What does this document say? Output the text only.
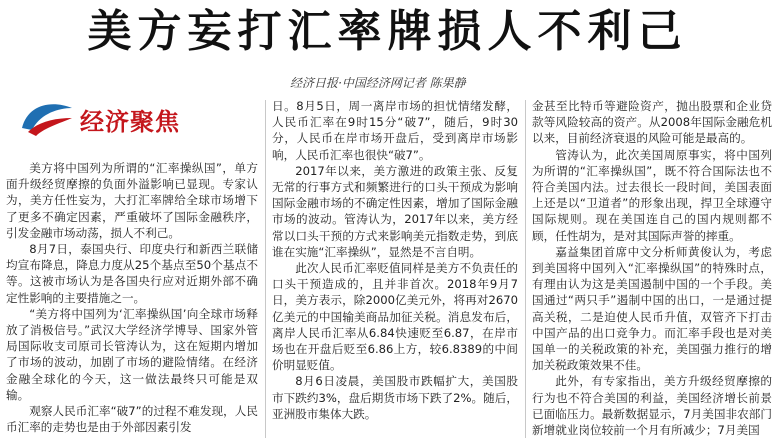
美方妄打汇率牌损人不利己
经济日报·中国经济网记者 陈果静
经济聚焦

美方将中国列为所谓的“汇率操纵国”，单方面升级经贸摩擦的负面外溢影响已显现。专家认为，美方任性妄为，大打汇率牌给全球市场增下了更多不确定因素，严重破坏了国际金融秩序，引发金融市场动荡，损人不利己。

8月7日，泰国央行、印度央行和新西兰联储均宣布降息，降息力度从25个基点至50个基点不等。这被市场认为是各国央行应对近期外部不确定性影响的主要措施之一。

“美方将中国列为‘汇率操纵国’向全球市场释放了消极信号。”武汉大学经济学博导、国家外管局国际收支司原司长管涛认为，这在短期内增加了市场的波动，加剧了市场的避险情绪。在经济金融全球化的今天，这一做法最终只可能是双输。

观察人民币汇率“破7”的过程不难发现，人民币汇率的走势也是由于外部因素引发

日。8月5日，周一离岸市场的担忧情绪发酵，人民币汇率在9时15分“破7”，随后，9时30分，人民币在岸市场开盘后，受到离岸市场影响，人民币汇率也很快“破7”。

2017年以来，美方激进的政策主张、反复无常的行事方式和频繁进行的口头干预成为影响国际金融市场的不确定性因素，增加了国际金融市场的波动。管涛认为，2017年以来，美方经常以口头干预的方式来影响美元指数走势，到底谁在实施“汇率操纵”，显然是不言自明。

此次人民币汇率贬值同样是美方不负责任的口头干预造成的，且并非首次。2018年9月7日，美方表示，除2000亿美元外，将再对2670亿美元的中国输美商品加征关税。消息发布后，离岸人民币汇率从6.84快速贬至6.87，在岸市场也在开盘后贬至6.86上方，较6.8389的中间价明显贬值。

8月6日凌晨，美国股市跌幅扩大，美国股市下跌约3%，盘后期货市场下跌了2%。随后，亚洲股市集体大跌。

金甚至比特币等避险资产，抛出股票和企业贷款等风险较高的资产。从2008年国际金融危机以来，目前经济衰退的风险可能是最高的。

管涛认为，此次美国周原事实，将中国列为所谓的“汇率操纵国”，既不符合国际法也不符合美国内法。过去很长一段时间，美国表面上还是以“卫道者”的形象出现，捍卫全球遵守国际规则。现在美国连自己的国内规则都不顾，任性胡为，是对其国际声誉的摔重。

嘉益集团首席中文分析师黄俊认为，考虑到美国将中国列入“汇率操纵国”的特殊时点，有理由认为这是美国遏制中国的一个手段。美国通过“两只手”遏制中国的出口，一是通过提高关税，二是迫使人民币升值，双管齐下打击中国产品的出口竞争力。而汇率手段也是对美国单一的关税政策的补充，美国强力推行的增加关税政策效果不佳。

此外，有专家指出，美方升级经贸摩擦的行为也不符合美国的利益，美国经济增长前景已面临压力。最新数据显示，7月美国非农部门新增就业岗位较前一个月有所减少；7月美国
